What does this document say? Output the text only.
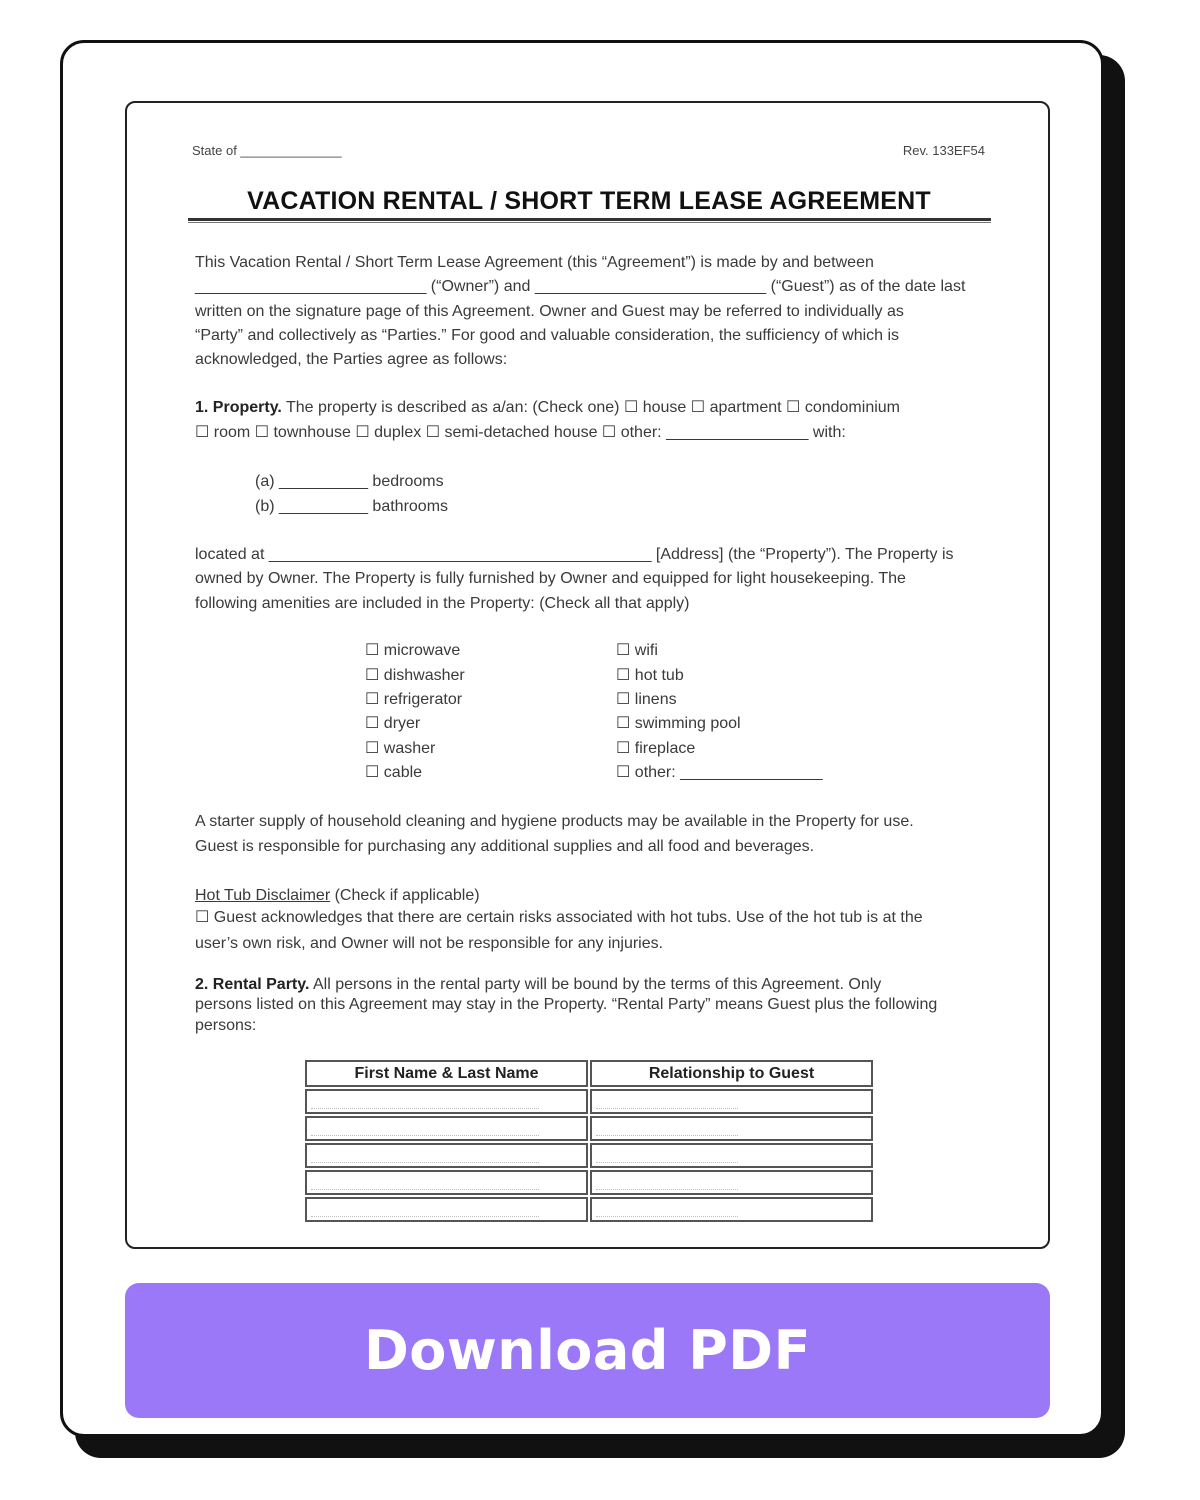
State of ______________	Rev. 133EF54
VACATION RENTAL / SHORT TERM LEASE AGREEMENT
This Vacation Rental / Short Term Lease Agreement (this “Agreement”) is made by and between
__________________________ (“Owner”) and __________________________ (“Guest”) as of the date last
written on the signature page of this Agreement. Owner and Guest may be referred to individually as
“Party” and collectively as “Parties.” For good and valuable consideration, the sufficiency of which is
acknowledged, the Parties agree as follows:
1. Property. The property is described as a/an: (Check one) ☐ house ☐ apartment ☐ condominium
☐ room ☐ townhouse ☐ duplex ☐ semi-detached house ☐ other: ________________ with:
(a) __________ bedrooms
(b) __________ bathrooms
located at ___________________________________________ [Address] (the “Property”). The Property is
owned by Owner. The Property is fully furnished by Owner and equipped for light housekeeping. The
following amenities are included in the Property: (Check all that apply)
☐ microwave
☐ dishwasher
☐ refrigerator
☐ dryer
☐ washer
☐ cable
☐ wifi
☐ hot tub
☐ linens
☐ swimming pool
☐ fireplace
☐ other: ________________
A starter supply of household cleaning and hygiene products may be available in the Property for use.
Guest is responsible for purchasing any additional supplies and all food and beverages.
Hot Tub Disclaimer (Check if applicable)
☐ Guest acknowledges that there are certain risks associated with hot tubs. Use of the hot tub is at the
user’s own risk, and Owner will not be responsible for any injuries.
2. Rental Party. All persons in the rental party will be bound by the terms of this Agreement. Only
persons listed on this Agreement may stay in the Property. “Rental Party” means Guest plus the following
persons:
First Name & Last Name	Relationship to Guest
Download PDF
